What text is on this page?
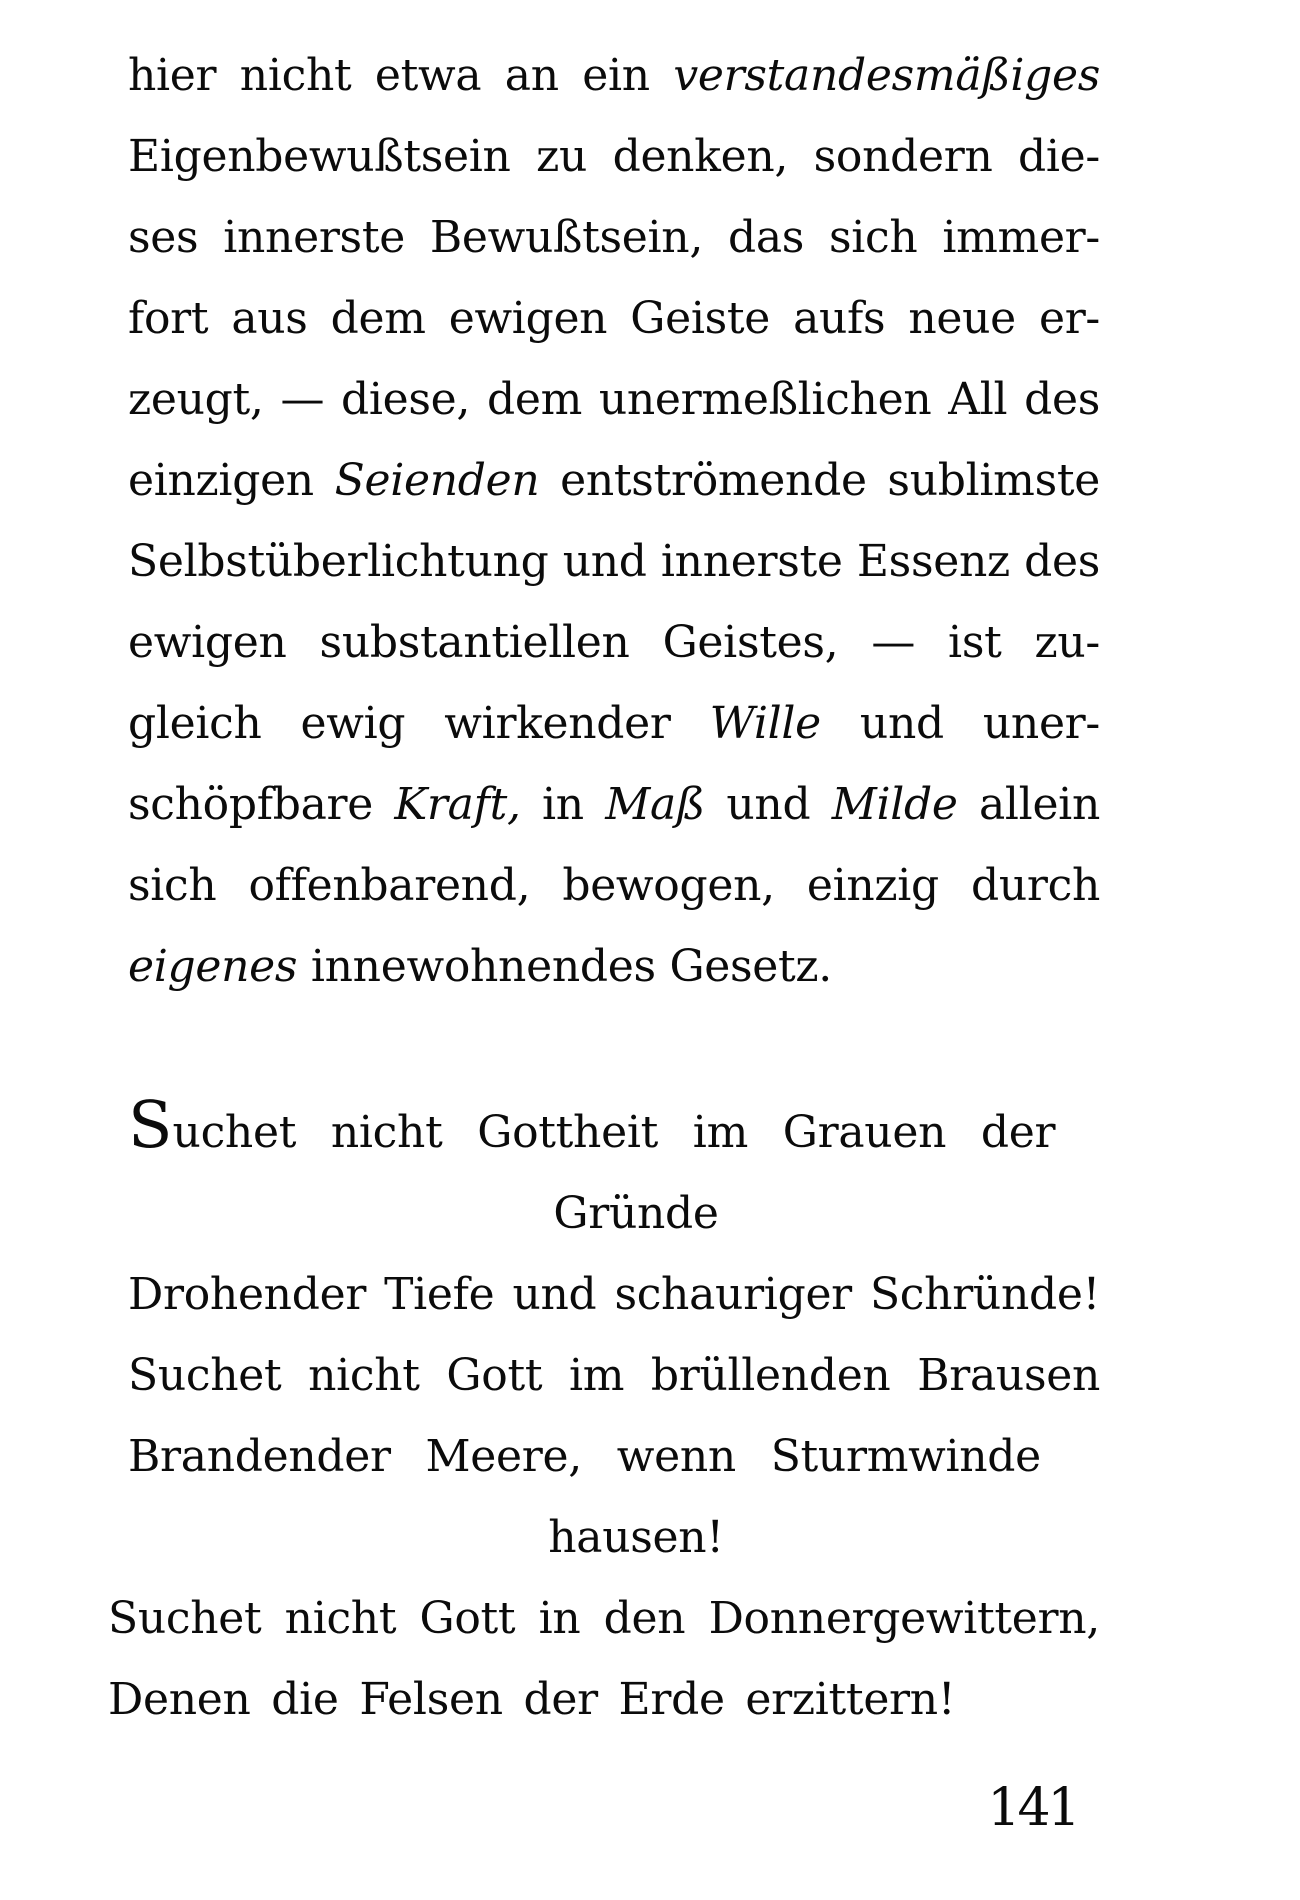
hier nicht etwa an ein verstandesmäßiges
Eigenbewußtsein zu denken, sondern die-
ses innerste Bewußtsein, das sich immer-
fort aus dem ewigen Geiste aufs neue er-
zeugt, — diese, dem unermeßlichen All des
einzigen Seienden entströmende sublimste
Selbstüberlichtung und innerste Essenz des
ewigen substantiellen Geistes, — ist zu-
gleich ewig wirkender Wille und uner-
schöpfbare Kraft, in Maß und Milde allein
sich offenbarend, bewogen, einzig durch
eigenes innewohnendes Gesetz.
Suchet nicht Gottheit im Grauen der
Gründe
Drohender Tiefe und schauriger Schründe!
Suchet nicht Gott im brüllenden Brausen
Brandender Meere, wenn Sturmwinde
hausen!
Suchet nicht Gott in den Donnergewittern,
Denen die Felsen der Erde erzittern!
141
